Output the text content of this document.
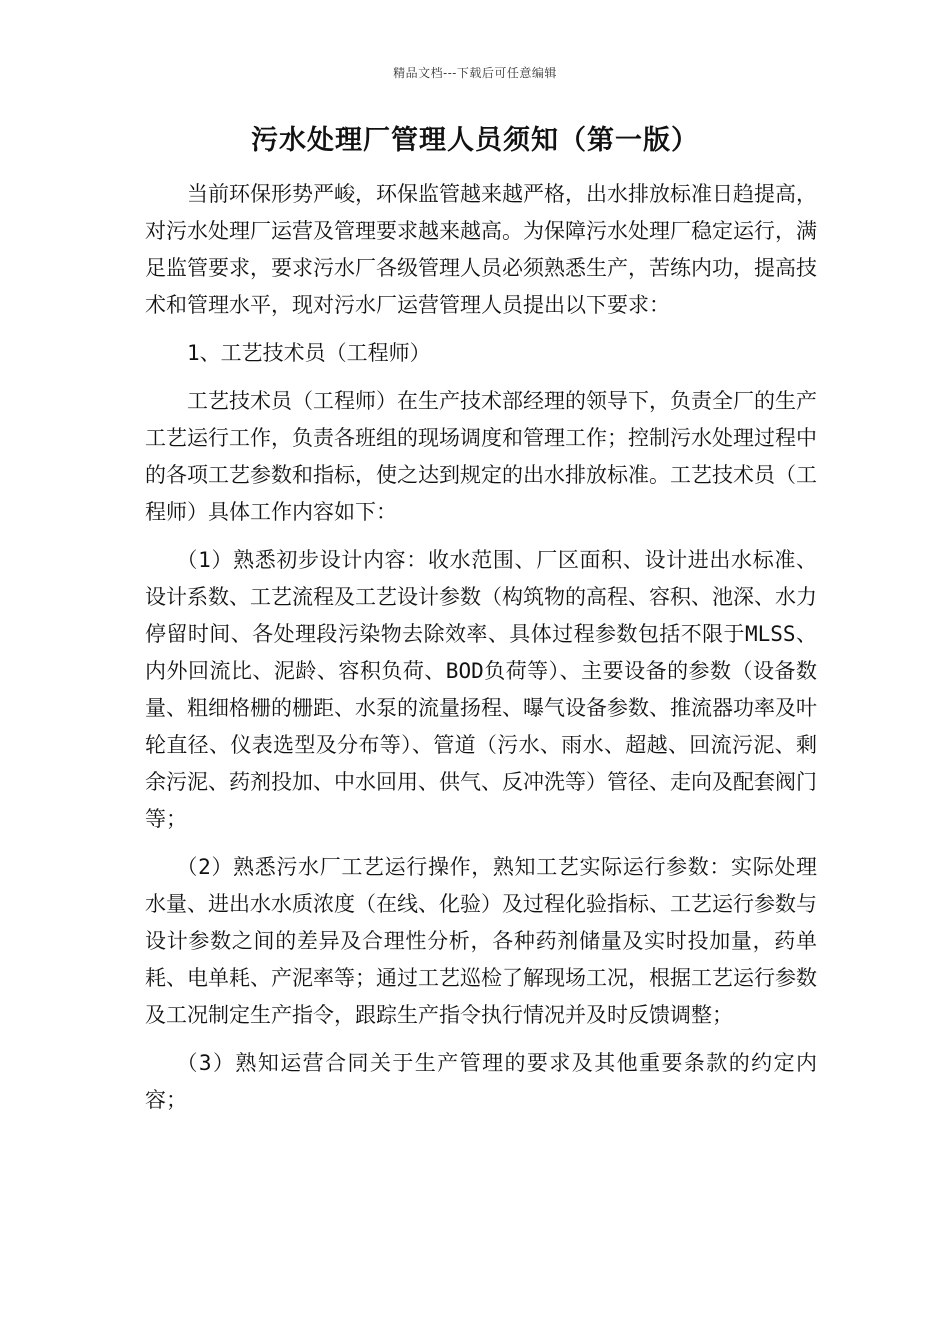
精品文档---下载后可任意编辑
污水处理厂管理人员须知（第一版）

当前环保形势严峻，环保监管越来越严格，出水排放标准日趋提高，对污水处理厂运营及管理要求越来越高。为保障污水处理厂稳定运行，满足监管要求，要求污水厂各级管理人员必须熟悉生产，苦练内功，提高技术和管理水平，现对污水厂运营管理人员提出以下要求：

1、工艺技术员（工程师）

工艺技术员（工程师）在生产技术部经理的领导下，负责全厂的生产工艺运行工作，负责各班组的现场调度和管理工作；控制污水处理过程中的各项工艺参数和指标，使之达到规定的出水排放标准。工艺技术员（工程师）具体工作内容如下：

（1）熟悉初步设计内容：收水范围、厂区面积、设计进出水标准、设计系数、工艺流程及工艺设计参数（构筑物的高程、容积、池深、水力停留时间、各处理段污染物去除效率、具体过程参数包括不限于MLSS、内外回流比、泥龄、容积负荷、BOD负荷等）、主要设备的参数（设备数量、粗细格栅的栅距、水泵的流量扬程、曝气设备参数、推流器功率及叶轮直径、仪表选型及分布等）、管道（污水、雨水、超越、回流污泥、剩余污泥、药剂投加、中水回用、供气、反冲洗等）管径、走向及配套阀门等；

（2）熟悉污水厂工艺运行操作，熟知工艺实际运行参数：实际处理水量、进出水水质浓度（在线、化验）及过程化验指标、工艺运行参数与设计参数之间的差异及合理性分析，各种药剂储量及实时投加量，药单耗、电单耗、产泥率等；通过工艺巡检了解现场工况，根据工艺运行参数及工况制定生产指令，跟踪生产指令执行情况并及时反馈调整；

（3）熟知运营合同关于生产管理的要求及其他重要条款的约定内容；
